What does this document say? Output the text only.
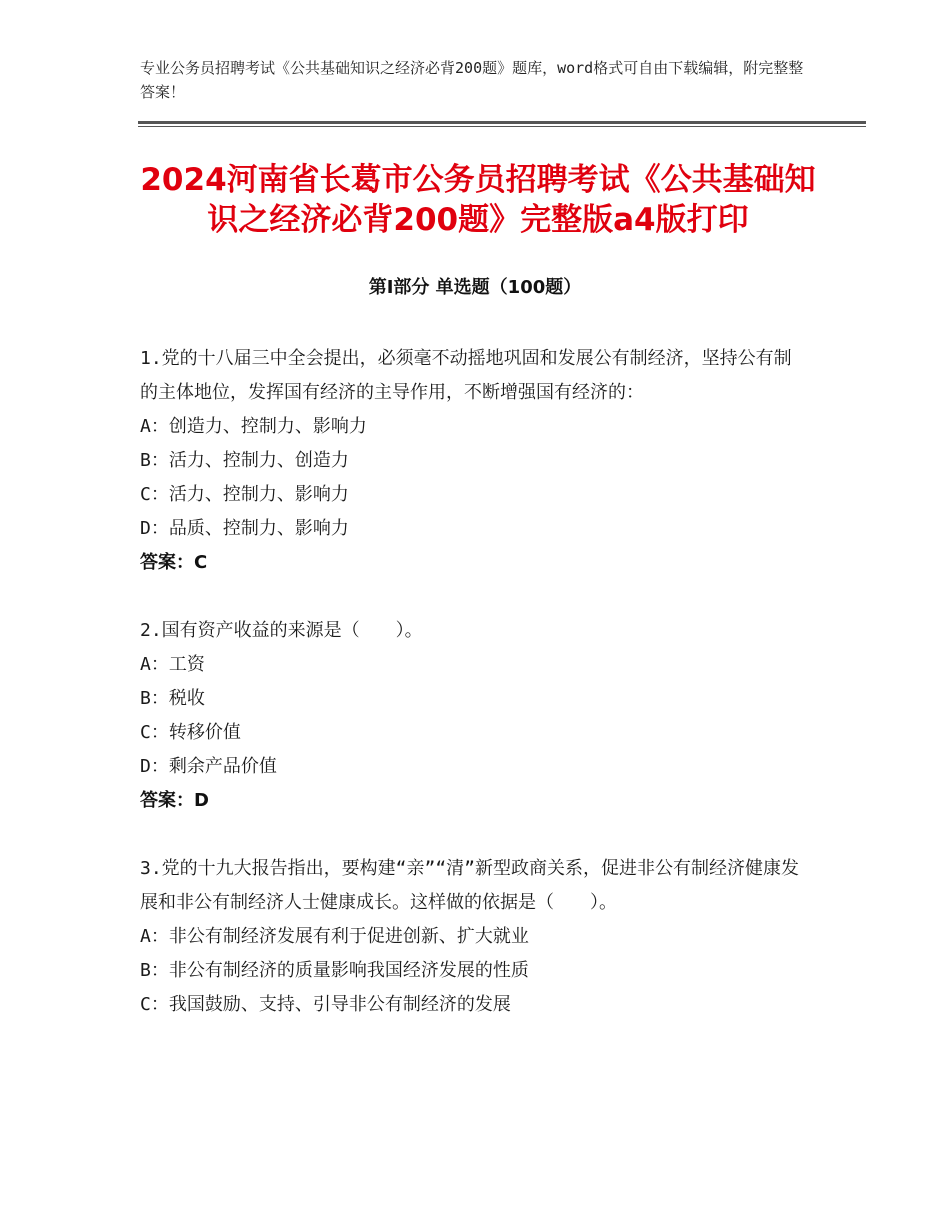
专业公务员招聘考试《公共基础知识之经济必背200题》题库，word格式可自由下载编辑，附完整整答案！
2024河南省长葛市公务员招聘考试《公共基础知识之经济必背200题》完整版a4版打印
第Ⅰ部分 单选题（100题）

1.党的十八届三中全会提出，必须毫不动摇地巩固和发展公有制经济，坚持公有制的主体地位，发挥国有经济的主导作用，不断增强国有经济的：

A：创造力、控制力、影响力

B：活力、控制力、创造力

C：活力、控制力、影响力

D：品质、控制力、影响力

答案：C

2.国有资产收益的来源是（　　）。

A：工资

B：税收

C：转移价值

D：剩余产品价值

答案：D

3.党的十九大报告指出，要构建“亲”“清”新型政商关系，促进非公有制经济健康发展和非公有制经济人士健康成长。这样做的依据是（　　）。

A：非公有制经济发展有利于促进创新、扩大就业

B：非公有制经济的质量影响我国经济发展的性质

C：我国鼓励、支持、引导非公有制经济的发展
